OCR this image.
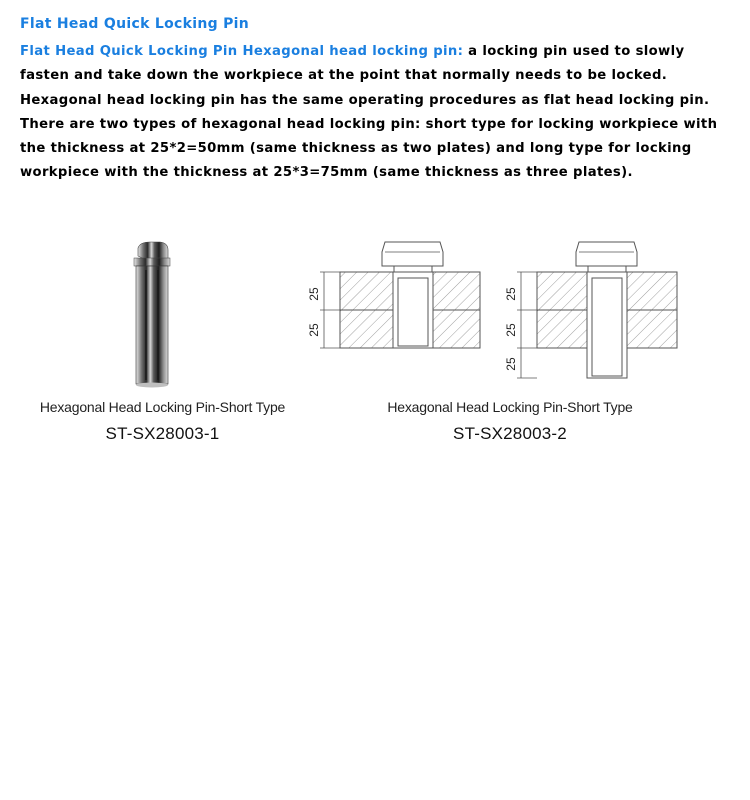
Flat Head Quick Locking Pin

Flat Head Quick Locking Pin Hexagonal head locking pin: a locking pin used to slowly fasten and take down the workpiece at the point that normally needs to be locked. Hexagonal head locking pin has the same operating procedures as flat head locking pin. There are two types of hexagonal head locking pin: short type for locking workpiece with the thickness at 25*2=50mm (same thickness as two plates) and long type for locking workpiece with the thickness at 25*3=75mm (same thickness as three plates).

25
25
25
25
25
Hexagonal Head Locking Pin-Short Type
ST-SX28003-1
Hexagonal Head Locking Pin-Short Type
ST-SX28003-2
